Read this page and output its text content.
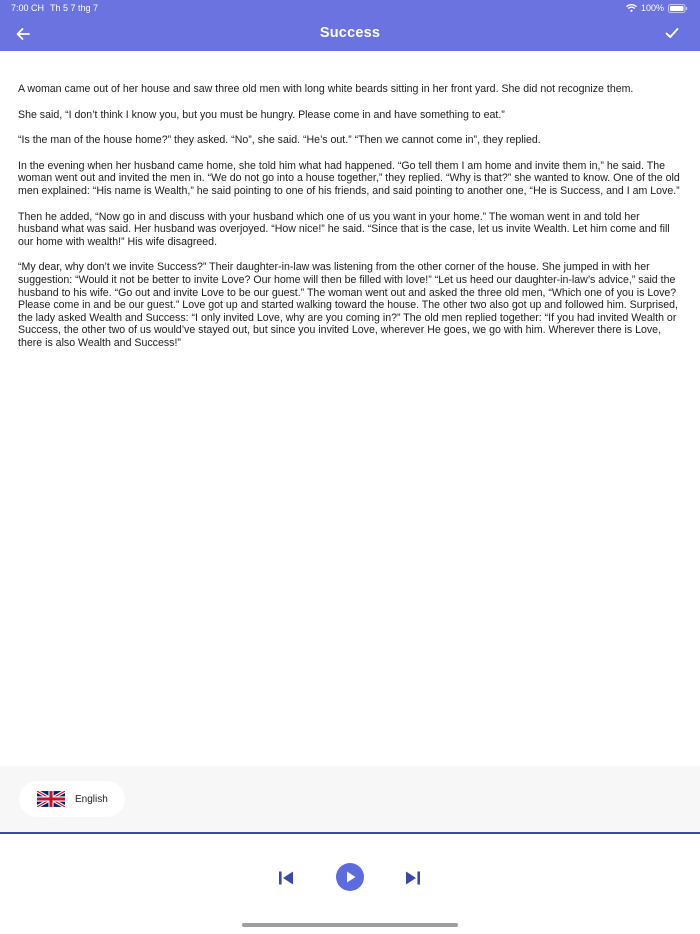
7:00 CH Th 5 7 thg 7	100%
Success

A woman came out of her house and saw three old men with long white beards sitting in her front yard. She did not recognize them.

She said, “I don’t think I know you, but you must be hungry. Please come in and have something to eat.”

“Is the man of the house home?” they asked. “No”, she said. “He’s out.” “Then we cannot come in”, they replied.

In the evening when her husband came home, she told him what had happened. “Go tell them I am home and invite them in,” he said. The woman went out and invited the men in. “We do not go into a house together,” they replied. “Why is that?” she wanted to know. One of the old men explained: “His name is Wealth,” he said pointing to one of his friends, and said pointing to another one, “He is Success, and I am Love.”

Then he added, “Now go in and discuss with your husband which one of us you want in your home.” The woman went in and told her husband what was said. Her husband was overjoyed. “How nice!” he said. “Since that is the case, let us invite Wealth. Let him come and fill our home with wealth!” His wife disagreed.

“My dear, why don’t we invite Success?” Their daughter-in-law was listening from the other corner of the house. She jumped in with her suggestion: “Would it not be better to invite Love? Our home will then be filled with love!” “Let us heed our daughter-in-law’s advice,” said the husband to his wife. “Go out and invite Love to be our guest.” The woman went out and asked the three old men, “Which one of you is Love? Please come in and be our guest.” Love got up and started walking toward the house. The other two also got up and followed him. Surprised, the lady asked Wealth and Success: “I only invited Love, why are you coming in?” The old men replied together: “If you had invited Wealth or Success, the other two of us would’ve stayed out, but since you invited Love, wherever He goes, we go with him. Wherever there is Love, there is also Wealth and Success!”

English
